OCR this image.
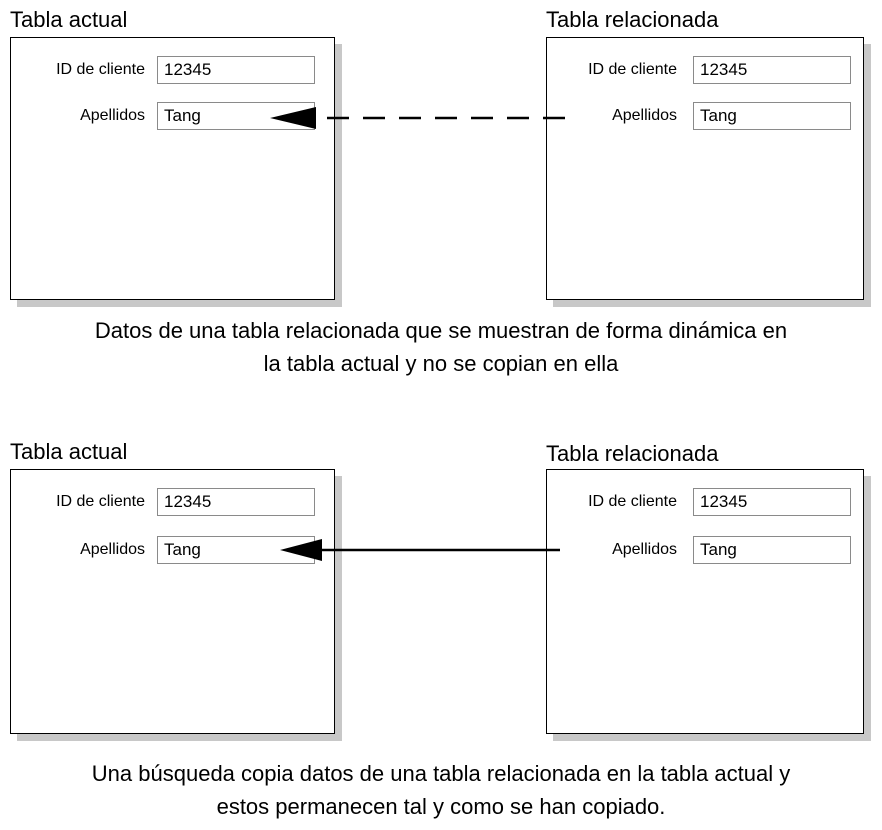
Tabla actual
ID de cliente	12345
Apellidos	Tang
Tabla relacionada
ID de cliente	12345
Apellidos	Tang
Datos de una tabla relacionada que se muestran de forma dinámica en
la tabla actual y no se copian en ella
Tabla actual
ID de cliente	12345
Apellidos	Tang
Tabla relacionada
ID de cliente	12345
Apellidos	Tang
Una búsqueda copia datos de una tabla relacionada en la tabla actual y
estos permanecen tal y como se han copiado.
